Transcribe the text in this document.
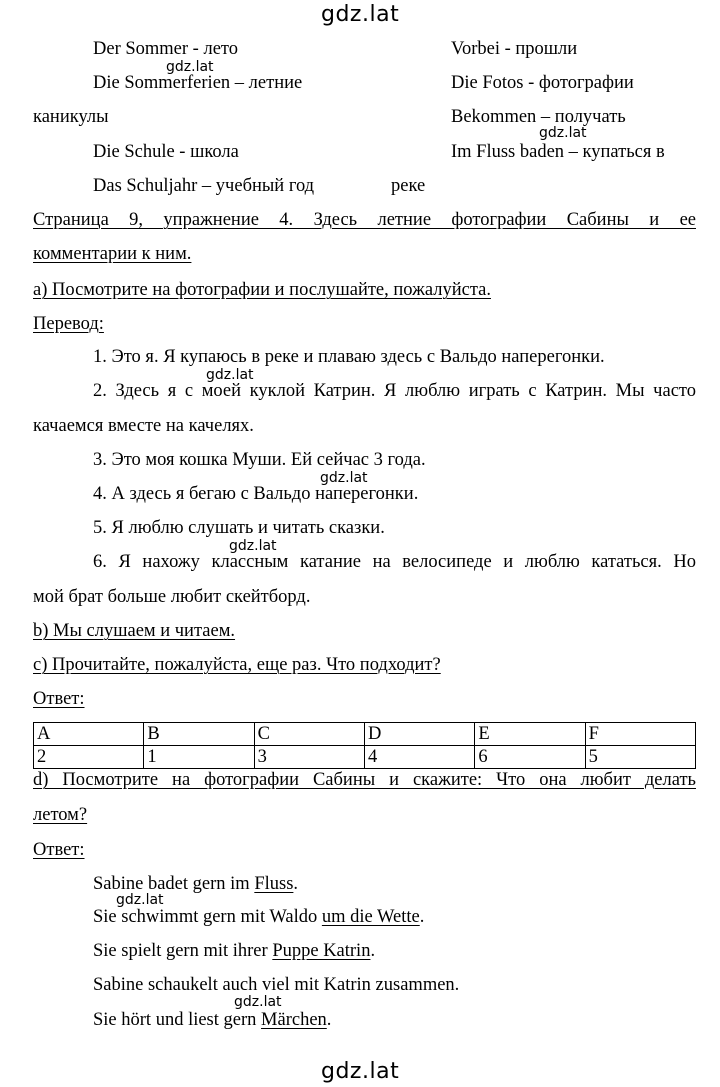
gdz.lat
gdz.lat
gdz.lat
gdz.lat
gdz.lat
gdz.lat
gdz.lat
gdz.lat
gdz.lat
Der Sommer - лето
Die Sommerferien – летние
каникулы
Die Schule - школа
Das Schuljahr – учебный год
Vorbei - прошли
Die Fotos - фотографии
Bekommen – получать
Im Fluss baden – купаться в
реке
Страница 9, упражнение 4. Здесь летние фотографии Сабины и ее
комментарии к ним.
а) Посмотрите на фотографии и послушайте, пожалуйста.
Перевод:
1. Это я. Я купаюсь в реке и плаваю здесь с Вальдо наперегонки.
2. Здесь я с моей куклой Катрин. Я люблю играть с Катрин. Мы часто
качаемся вместе на качелях.
3. Это моя кошка Муши. Ей сейчас 3 года.
4. А здесь я бегаю с Вальдо наперегонки.
5. Я люблю слушать и читать сказки.
6. Я нахожу классным катание на велосипеде и люблю кататься. Но
мой брат больше любит скейтборд.
b) Мы слушаем и читаем.
c) Прочитайте, пожалуйста, еще раз. Что подходит?
Ответ:
A	B	C	D	E	F
2	1	3	4	6	5
d) Посмотрите на фотографии Сабины и скажите: Что она любит делать
летом?
Ответ:
Sabine badet gern im Fluss.
Sie schwimmt gern mit Waldo um die Wette.
Sie spielt gern mit ihrer Puppe Katrin.
Sabine schaukelt auch viel mit Katrin zusammen.
Sie hört und liest gern Märchen.
